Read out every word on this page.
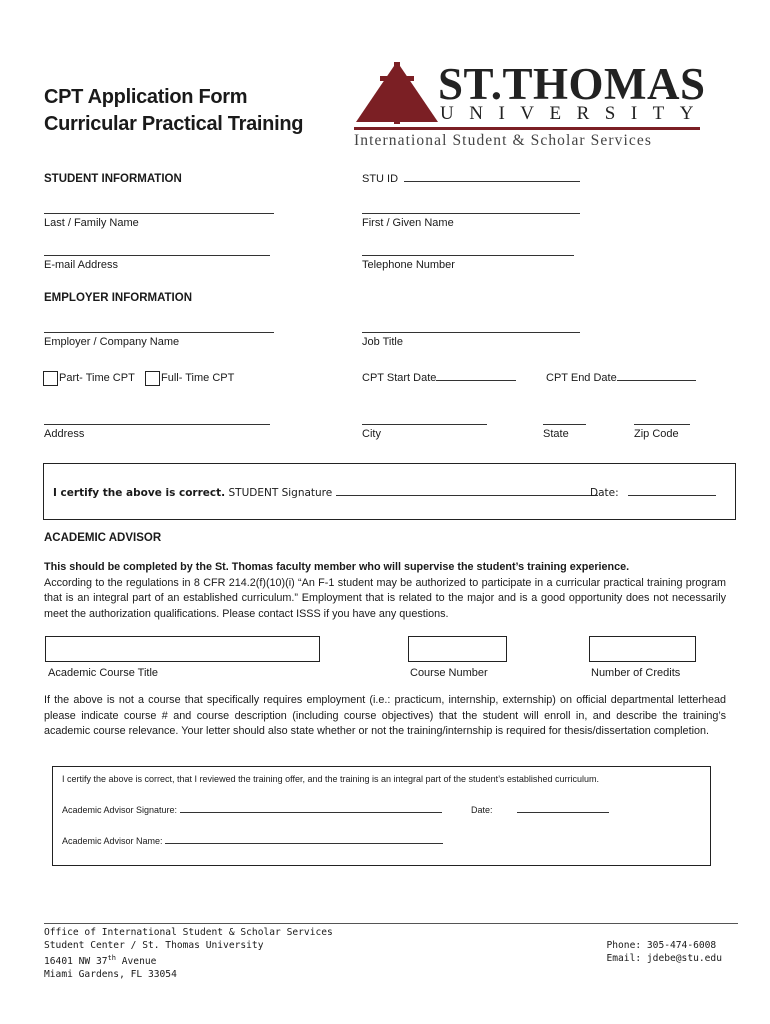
CPT Application Form
Curricular Practical Training
ST.THOMAS
UNIVERSITY
International Student & Scholar Services
STUDENT INFORMATION	STU ID
Last / Family Name	First / Given Name
E-mail Address	Telephone Number
EMPLOYER INFORMATION
Employer / Company Name	Job Title
Part- Time CPT Full- Time CPT	CPT Start Date	CPT End Date
Address	City	State	Zip Code
I certify the above is correct. STUDENT Signature	Date:
ACADEMIC ADVISOR
This should be completed by the St. Thomas faculty member who will supervise the student’s training experience.
According to the regulations in 8 CFR 214.2(f)(10)(i) “An F-1 student may be authorized to participate in a curricular practical training program that is an integral part of an established curriculum.” Employment that is related to the major and is a good opportunity does not necessarily meet the authorization qualifications. Please contact ISSS if you have any questions.
Academic Course Title	Course Number	Number of Credits
If the above is not a course that specifically requires employment (i.e.: practicum, internship, externship) on official departmental letterhead please indicate course # and course description (including course objectives) that the student will enroll in, and describe the training’s academic course relevance. Your letter should also state whether or not the training/internship is required for thesis/dissertation completion.
I certify the above is correct, that I reviewed the training offer, and the training is an integral part of the student’s established curriculum.
Academic Advisor Signature:	Date:
Academic Advisor Name:
Office of International Student & Scholar Services
Student Center / St. Thomas University
16401 NW 37th Avenue
Miami Gardens, FL 33054
Phone: 305-474-6008
Email: jdebe@stu.edu
